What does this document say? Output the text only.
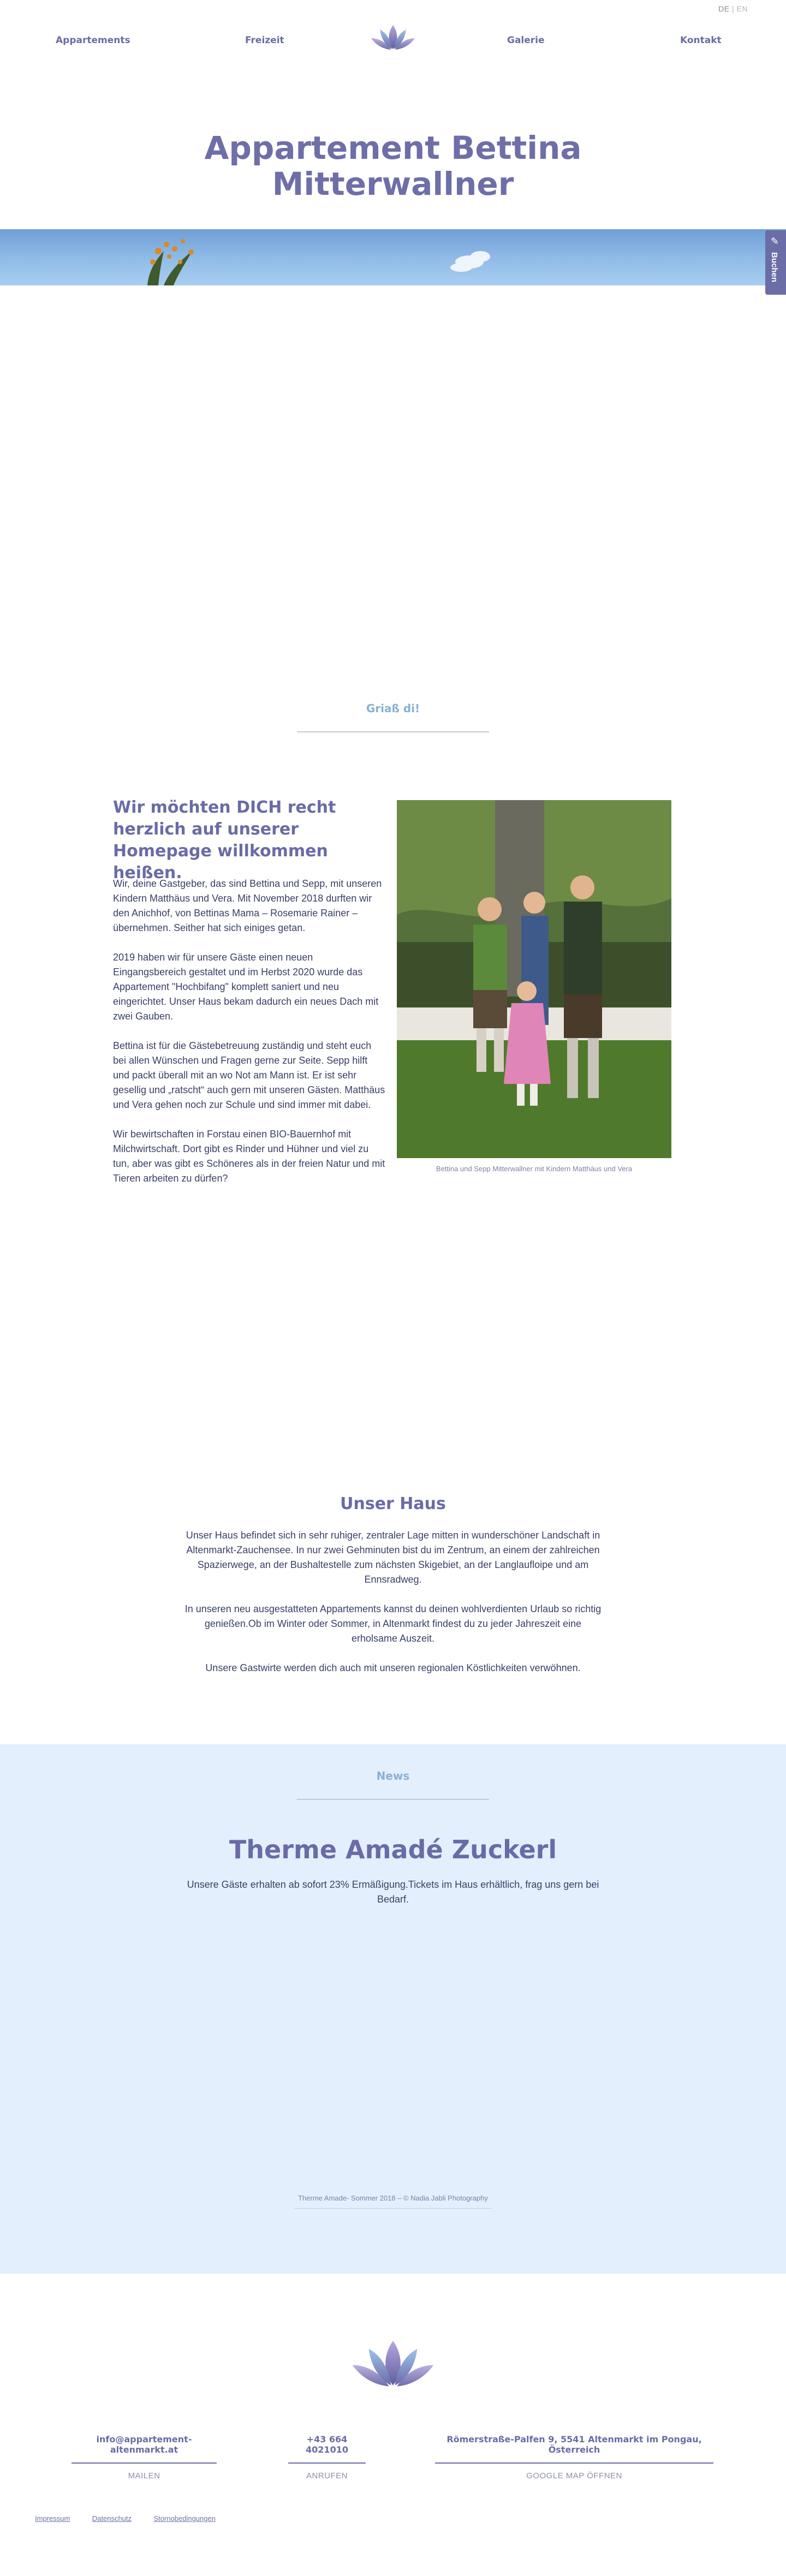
DE | EN
Appartements	Freizeit	Galerie	Kontakt
Appartement Bettina
Mitterwallner
✎
Buchen
Griaß di!
Wir möchten DICH recht herzlich auf unserer Homepage willkommen heißen.

Wir, deine Gastgeber, das sind Bettina und Sepp, mit unseren Kindern Matthäus und Vera. Mit November 2018 durften wir den Anichhof, von Bettinas Mama – Rosemarie Rainer – übernehmen. Seither hat sich einiges getan.

2019 haben wir für unsere Gäste einen neuen Eingangsbereich gestaltet und im Herbst 2020 wurde das Appartement "Hochbifang" komplett saniert und neu eingerichtet. Unser Haus bekam dadurch ein neues Dach mit zwei Gauben.

Bettina ist für die Gästebetreuung zuständig und steht euch bei allen Wünschen und Fragen gerne zur Seite. Sepp hilft und packt überall mit an wo Not am Mann ist. Er ist sehr gesellig und „ratscht“ auch gern mit unseren Gästen. Matthäus und Vera gehen noch zur Schule und sind immer mit dabei.

Wir bewirtschaften in Forstau einen BIO-Bauernhof mit Milchwirtschaft. Dort gibt es Rinder und Hühner und viel zu tun, aber was gibt es Schöneres als in der freien Natur und mit Tieren arbeiten zu dürfen?

Bettina und Sepp Mitterwallner mit Kindern Matthäus und Vera
Unser Haus

Unser Haus befindet sich in sehr ruhiger, zentraler Lage mitten in wunderschöner Landschaft in Altenmarkt-Zauchensee. In nur zwei Gehminuten bist du im Zentrum, an einem der zahlreichen Spazierwege, an der Bushaltestelle zum nächsten Skigebiet, an der Langlaufloipe und am Ennsradweg.

In unseren neu ausgestatteten Appartements kannst du deinen wohlverdienten Urlaub so richtig genießen.Ob im Winter oder Sommer, in Altenmarkt findest du zu jeder Jahreszeit eine erholsame Auszeit.

Unsere Gastwirte werden dich auch mit unseren regionalen Köstlichkeiten verwöhnen.

News
Therme Amadé Zuckerl

Unsere Gäste erhalten ab sofort 23% Ermäßigung.Tickets im Haus erhältlich, frag uns gern bei Bedarf.

Therme Amade- Sommer 2018 – © Nadia Jabli Photography
info@appartement-altenmarkt.at
MAILEN
+43 664 4021010
ANRUFEN
Römerstraße-Palfen 9, 5541 Altenmarkt im Pongau, Österreich
GOOGLE MAP ÖFFNEN
Impressum	Datenschutz	Stornobedingungen
